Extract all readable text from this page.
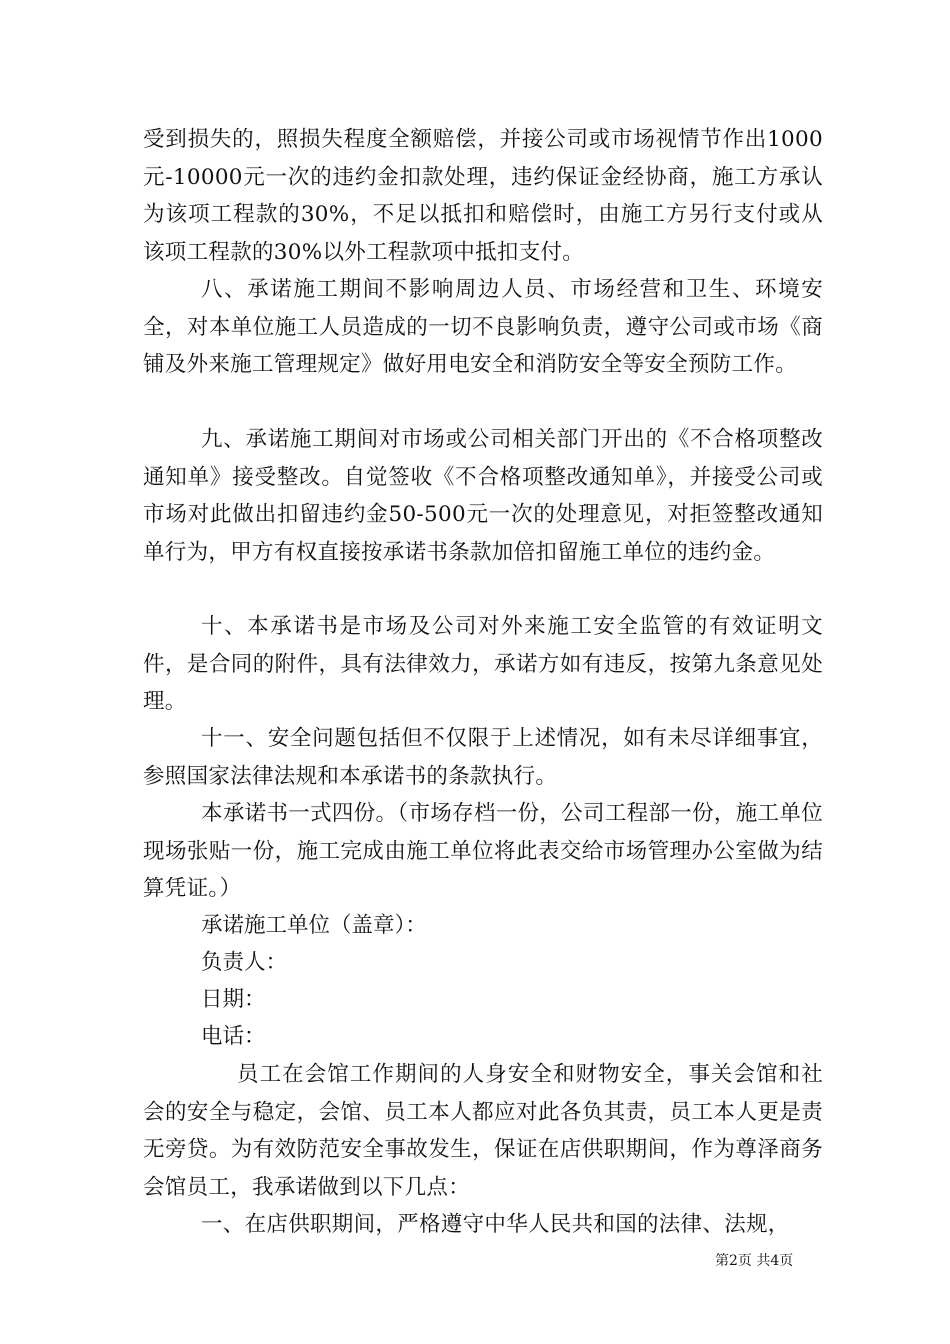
受到损失的，照损失程度全额赔偿，并接公司或市场视情节作出1000元-10000元一次的违约金扣款处理，违约保证金经协商，施工方承认为该项工程款的30%，不足以抵扣和赔偿时，由施工方另行支付或从该项工程款的30%以外工程款项中抵扣支付。

八、承诺施工期间不影响周边人员、市场经营和卫生、环境安全，对本单位施工人员造成的一切不良影响负责，遵守公司或市场《商铺及外来施工管理规定》做好用电安全和消防安全等安全预防工作。

九、承诺施工期间对市场或公司相关部门开出的《不合格项整改通知单》接受整改。自觉签收《不合格项整改通知单》，并接受公司或市场对此做出扣留违约金50-500元一次的处理意见，对拒签整改通知单行为，甲方有权直接按承诺书条款加倍扣留施工单位的违约金。

十、本承诺书是市场及公司对外来施工安全监管的有效证明文件，是合同的附件，具有法律效力，承诺方如有违反，按第九条意见处理。

十一、安全问题包括但不仅限于上述情况，如有未尽详细事宜，参照国家法律法规和本承诺书的条款执行。

本承诺书一式四份。（市场存档一份，公司工程部一份，施工单位现场张贴一份，施工完成由施工单位将此表交给市场管理办公室做为结算凭证。）

承诺施工单位（盖章）：

负责人：

日期：

电话：

员工在会馆工作期间的人身安全和财物安全，事关会馆和社会的安全与稳定，会馆、员工本人都应对此各负其责，员工本人更是责无旁贷。为有效防范安全事故发生，保证在店供职期间，作为尊泽商务会馆员工，我承诺做到以下几点：

一、在店供职期间，严格遵守中华人民共和国的法律、法规，

第2页 共4页
